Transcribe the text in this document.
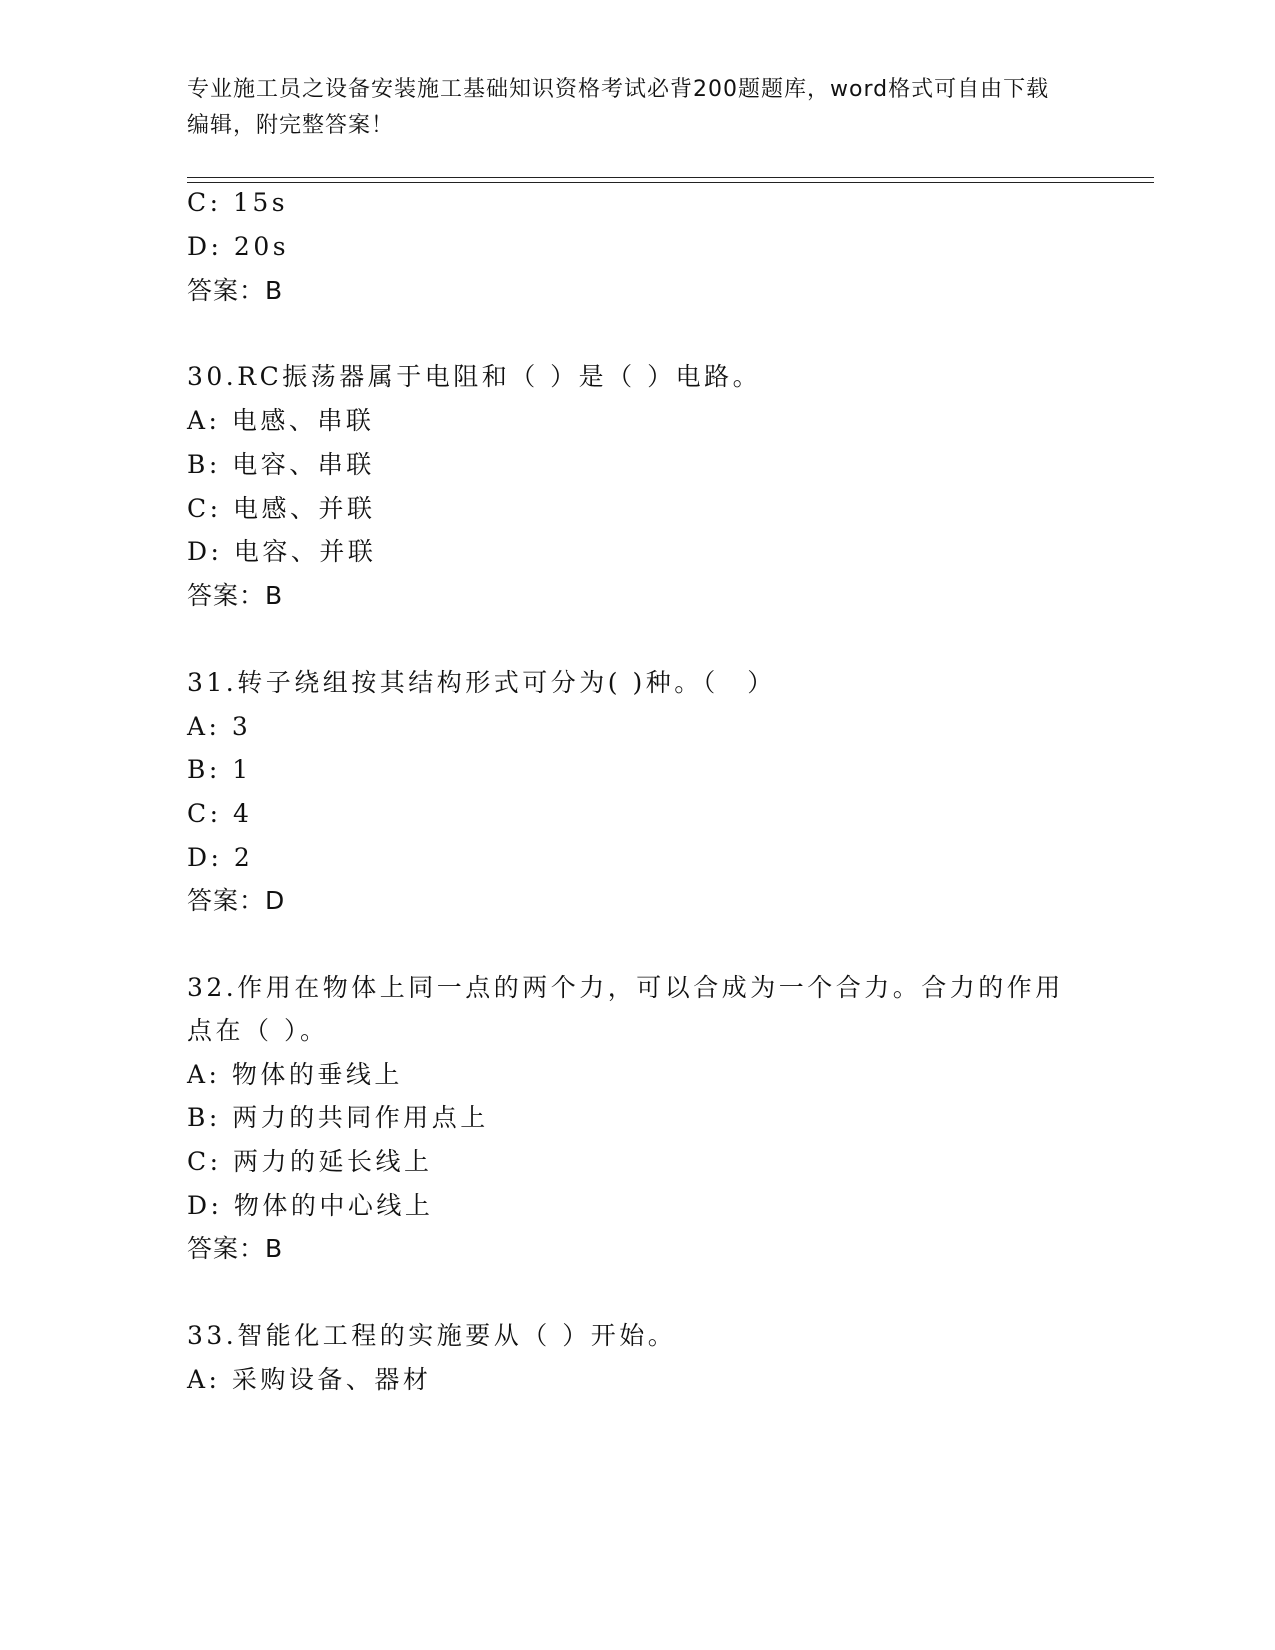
专业施工员之设备安装施工基础知识资格考试必背200题题库，word格式可自由下载编辑，附完整答案！
C: 15s
D: 20s
答案：B
30.RC振荡器属于电阻和（ ）是（ ）电路。
A: 电感、串联
B: 电容、串联
C: 电感、并联
D: 电容、并联
答案：B
31.转子绕组按其结构形式可分为( )种。（　）
A: 3
B: 1
C: 4
D: 2
答案：D
32.作用在物体上同一点的两个力，可以合成为一个合力。合力的作用
点在（ ）。
A: 物体的垂线上
B: 两力的共同作用点上
C: 两力的延长线上
D: 物体的中心线上
答案：B
33.智能化工程的实施要从（ ）开始。
A: 采购设备、器材
